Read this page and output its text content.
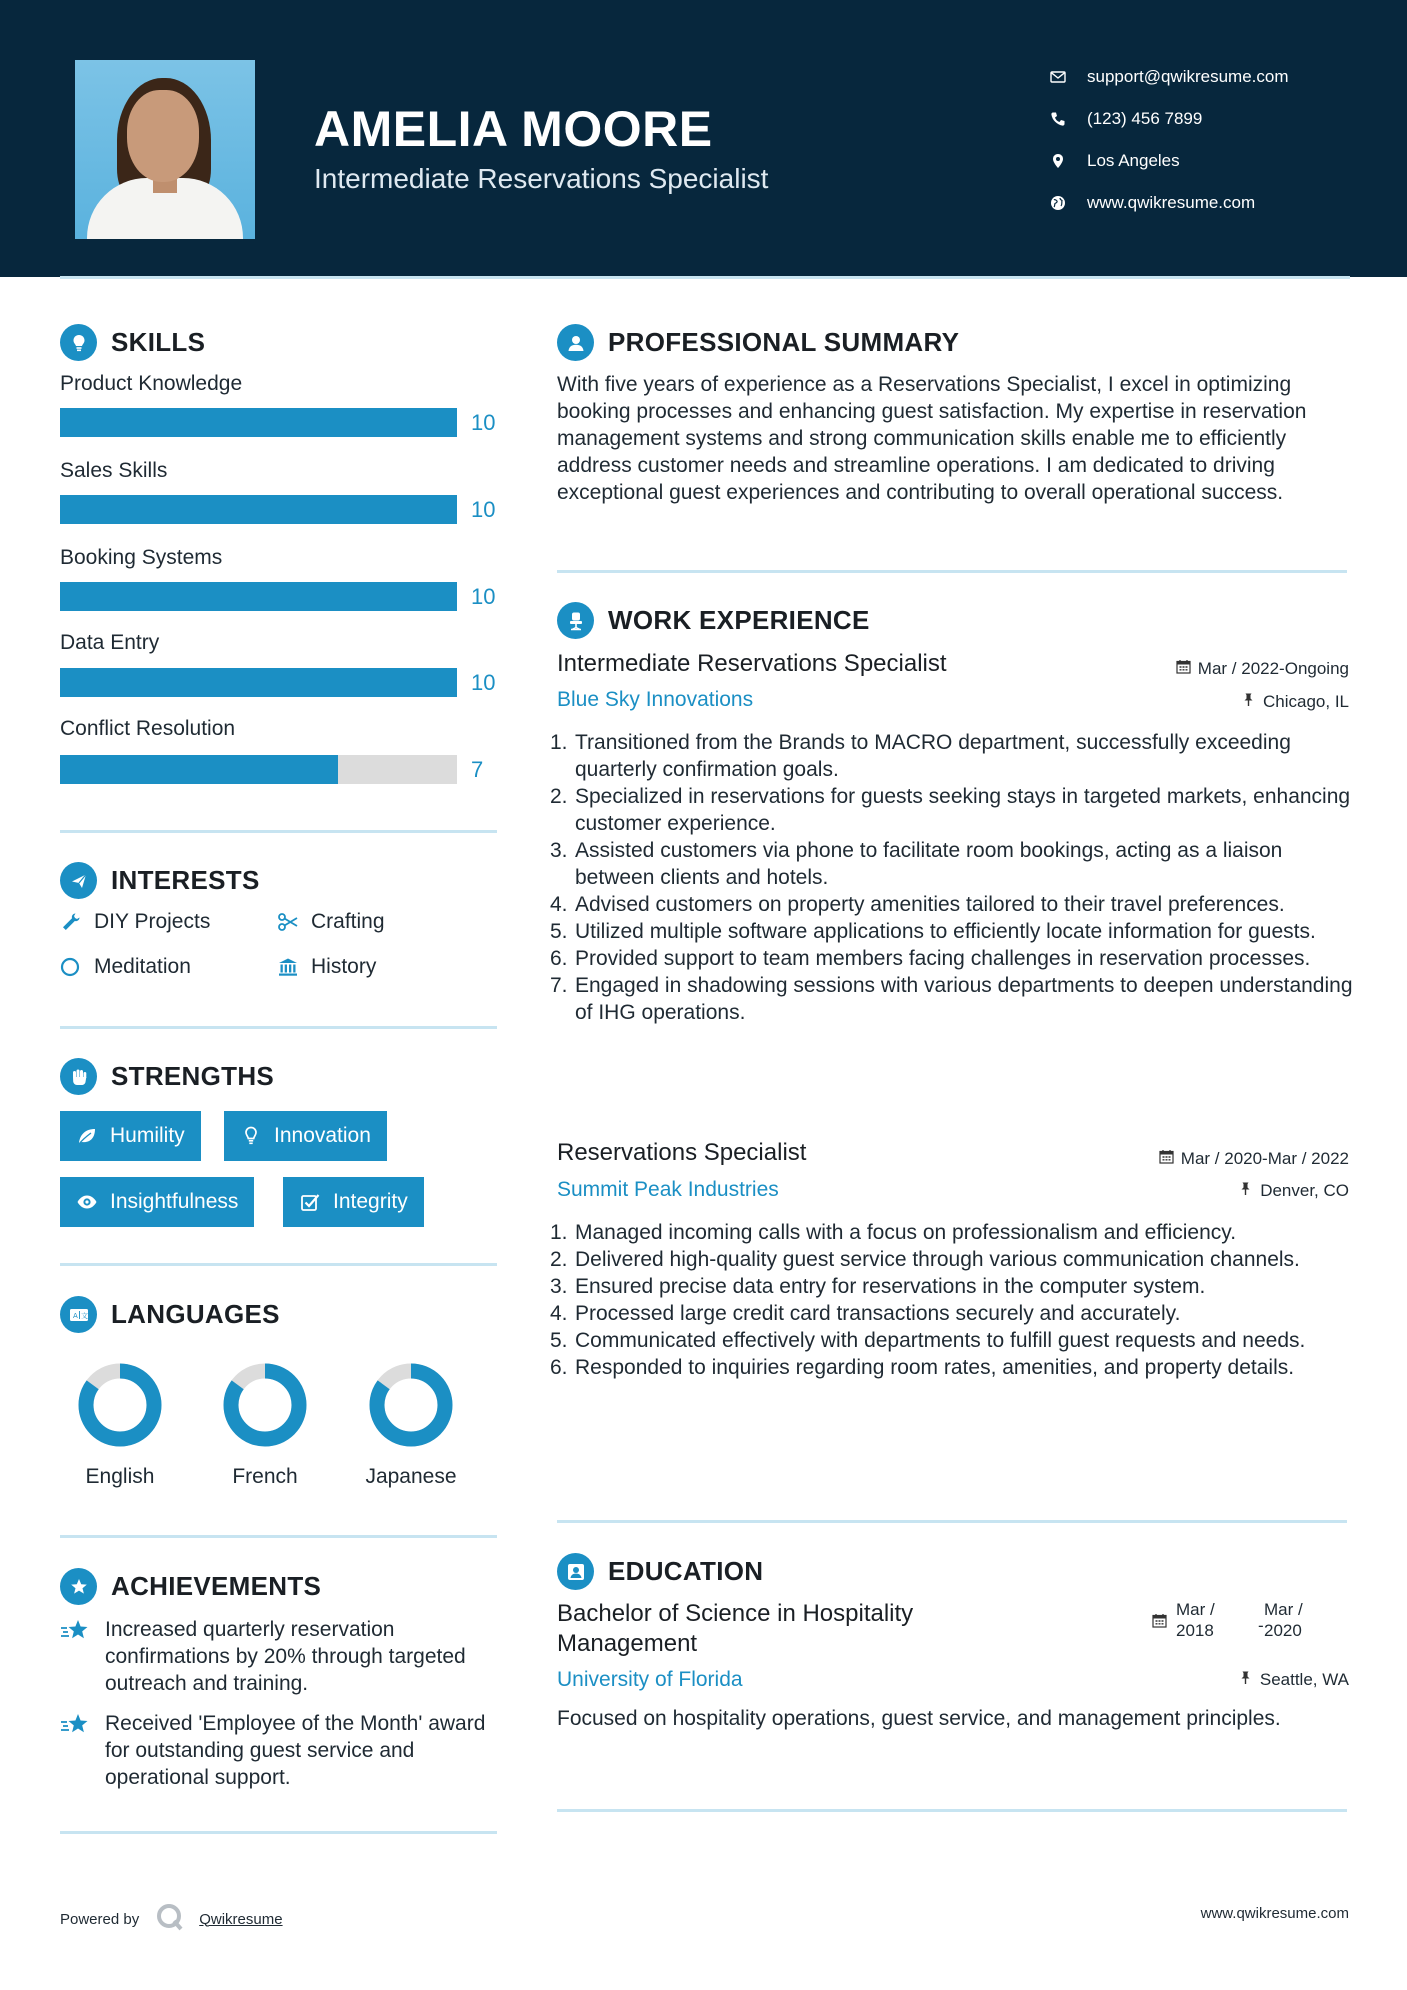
AMELIA MOORE
Intermediate Reservations Specialist
support@qwikresume.com
(123) 456 7899
Los Angeles
www.qwikresume.com
SKILLS
Product Knowledge
10
Sales Skills
10
Booking Systems
10
Data Entry
10
Conflict Resolution
7
INTERESTS
DIY Projects	Crafting
Meditation	History
STRENGTHS
Humility	Innovation
Insightfulness	Integrity
A 文 LANGUAGES
English	French	Japanese
ACHIEVEMENTS
Increased quarterly reservation confirmations by 20% through targeted outreach and training.
Received 'Employee of the Month' award for outstanding guest service and operational support.
PROFESSIONAL SUMMARY
With five years of experience as a Reservations Specialist, I excel in optimizing booking processes and enhancing guest satisfaction. My expertise in reservation management systems and strong communication skills enable me to efficiently address customer needs and streamline operations. I am dedicated to driving exceptional guest experiences and contributing to overall operational success.
WORK EXPERIENCE
Intermediate Reservations Specialist	Mar / 2022-Ongoing
Blue Sky Innovations	Chicago, IL
1. Transitioned from the Brands to MACRO department, successfully exceeding quarterly confirmation goals.
2. Specialized in reservations for guests seeking stays in targeted markets, enhancing customer experience.
3. Assisted customers via phone to facilitate room bookings, acting as a liaison between clients and hotels.
4. Advised customers on property amenities tailored to their travel preferences.
5. Utilized multiple software applications to efficiently locate information for guests.
6. Provided support to team members facing challenges in reservation processes.
7. Engaged in shadowing sessions with various departments to deepen understanding of IHG operations.
Reservations Specialist	Mar / 2020-Mar / 2022
Summit Peak Industries	Denver, CO
1. Managed incoming calls with a focus on professionalism and efficiency.
2. Delivered high-quality guest service through various communication channels.
3. Ensured precise data entry for reservations in the computer system.
4. Processed large credit card transactions securely and accurately.
5. Communicated effectively with departments to fulfill guest requests and needs.
6. Responded to inquiries regarding room rates, amenities, and property details.
EDUCATION
Bachelor of Science in Hospitality Management
Mar /
2018	-
Mar /
2020
University of Florida	Seattle, WA
Focused on hospitality operations, guest service, and management principles.
Powered by	Qwikresume	www.qwikresume.com
